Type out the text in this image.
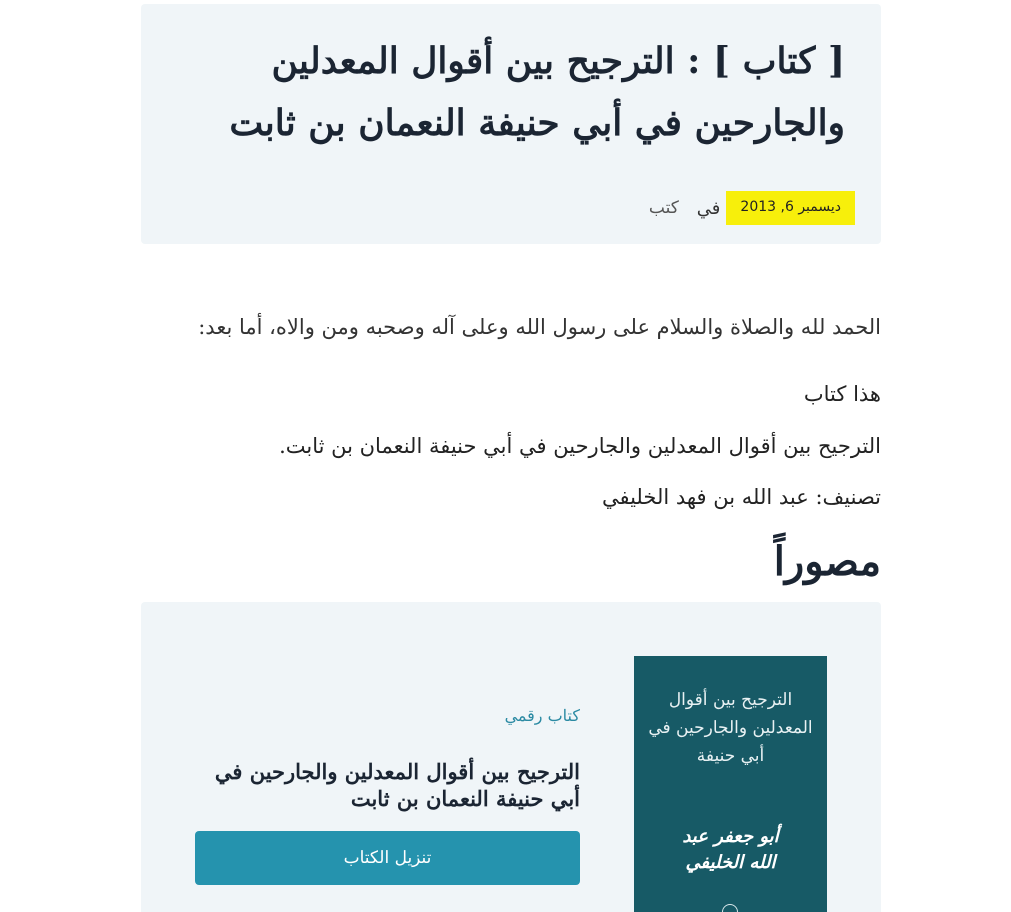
[ كتاب ] : الترجيح بين أقوال المعدلين والجارحين في أبي حنيفة النعمان بن ثابت
ديسمبر 6, 2013
في
كتب

الحمد لله والصلاة والسلام على رسول الله وعلى آله وصحبه ومن والاه، أما بعد:

هذا كتاب
الترجيح بين أقوال المعدلين والجارحين في أبي حنيفة النعمان بن ثابت.
تصنيف: عبد الله بن فهد الخليفي
مصوراً
الترجيح بين أقوال المعدلين والجارحين في أبي حنيفة
أبو جعفر عبد الله الخليفي
كتاب رقمي
الترجيح بين أقوال المعدلين والجارحين في أبي حنيفة النعمان بن ثابت
تنزيل الكتاب
